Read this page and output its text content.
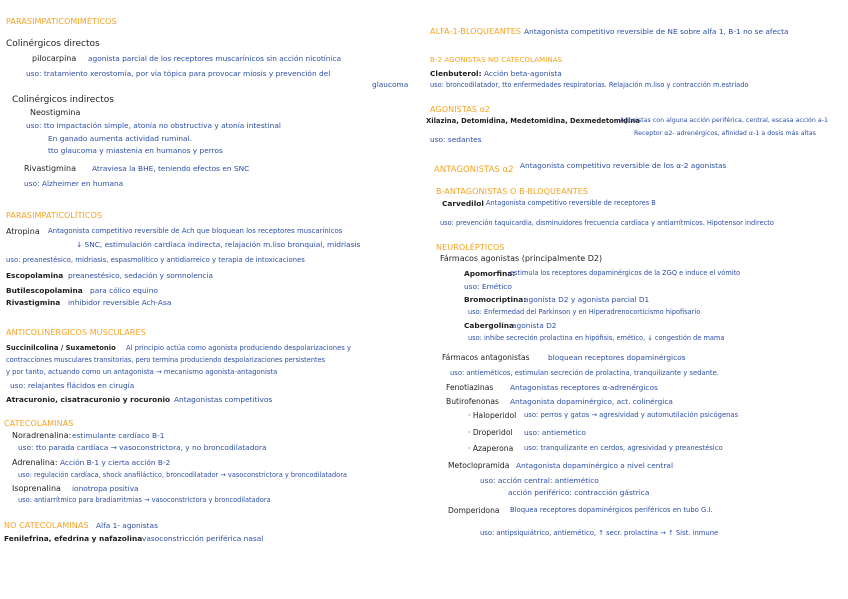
PARASIMPATICOMIMÉTICOS
Colinérgicos directos
pilocarpina agonista parcial de los receptores muscarínicos sin acción nicotínica
uso: tratamiento xerostomía, por vía tópica para provocar miosis y prevención del
glaucoma
Colinérgicos indirectos
Neostigmina
uso: tto impactación simple, atonía no obstructiva y atonía intestinal
En ganado aumenta actividad ruminal.
tto glaucoma y miastenia en humanos y perros
Rivastigmina Atraviesa la BHE, teniendo efectos en SNC
uso: Alzheimer en humana
PARASIMPATICOLÍTICOS
Atropina Antagonista competitivo reversible de Ach que bloquean los receptores muscarínicos
↓ SNC, estimulación cardíaca indirecta, relajación m.liso bronquial, midriasis
uso: preanestésico, midriasis, espasmolítico y antidiarreico y terapia de intoxicaciones
Escopolamina preanestésico, sedación y somnolencia
Butilescopolamina para cólico equino
Rivastigmina inhibidor reversible Ach-Asa
ANTICOLINÉRGICOS MUSCULARES
Succinilcolina / Suxametonio Al principio actúa como agonista produciendo despolarizaciones y
contracciones musculares transitorias, pero termina produciendo despolarizaciones persistentes
y por tanto, actuando como un antagonista → mecanismo agonista-antagonista
uso: relajantes flácidos en cirugía
Atracuronio, cisatracuronio y rocuronio Antagonistas competitivos
CATECOLAMINAS
Noradrenalina: estimulante cardíaco B-1
uso: tto parada cardíaca → vasoconstrictora, y no broncodilatadora
Adrenalina: Acción B-1 y cierta acción B-2
uso: regulación cardíaca, shock anafiláctico, broncodilatador → vasoconstrictora y broncodilatadora
Isoprenalina ionotropa positiva
uso: antiarrítmico para bradiarritmias → vasoconstrictora y broncodilatadora
NO CATECOLAMINAS Alfa 1- agonistas
Fenilefrina, efedrina y nafazolina vasoconstricción periférica nasal
ALFA-1-BLOQUEANTES Antagonista competitivo reversible de NE sobre alfa 1, B-1 no se afecta
B-2 AGONISTAS NO CATECOLAMINAS
Clenbuterol: Acción beta-agonista
uso: broncodilatador, tto enfermedades respiratorias. Relajación m.liso y contracción m.estriado
AGONISTAS α2
Xilazina, Detomidina, Medetomidina, Dexmedetomidina
Agonistas con alguna acción periférica, central, escasa acción a-1
Receptor α2- adrenérgicos, afinidad α-1 a dosis más altas
uso: sedantes
ANTAGONISTAS α2 Antagonista competitivo reversible de los α-2 agonistas
B-ANTAGONISTAS O B-BLOQUEANTES
Carvedilol Antagonista competitivo reversible de receptores B
uso: prevención taquicardia, disminuidores frecuencia cardíaca y antiarrítmicos. Hipotensor indirecto
NEUROLÉPTICOS
Fármacos agonistas (principalmente D2)
Apomorfina:
estimula los receptores dopaminérgicos de la ZGQ e induce el vómito
uso: Emético
Bromocriptina:
agonista D2 y agonista parcial D1
uso: Enfermedad del Parkinson y en Hiperadrenocorticismo hipofisario
Cabergolina
agonista D2
uso: inhibe secreción prolactina en hipófisis, emético, ↓ congestión de mama
Fármacos antagonistas bloquean receptores dopaminérgicos
uso: antieméticos, estimulan secreción de prolactina, tranquilizante y sedante.
Fenotiazinas Antagonistas receptores α-adrenérgicos
Butirofenonas Antagonista dopaminérgico, act. colinérgica
· Haloperidol uso: perros y gatos → agresividad y automutilación psicógenas
· Droperidol uso: antiemético
· Azaperona uso: tranquilizante en cerdos, agresividad y preanestésico
Metoclopramida Antagonista dopaminérgico a nivel central
uso: acción central: antiemético
acción periférico: contracción gástrica
Domperidona Bloquea receptores dopaminérgicos periféricos en tubo G.I.
uso: antipsiquiátrico, antiemético, ↑ secr. prolactina → ↑ Sist. inmune
